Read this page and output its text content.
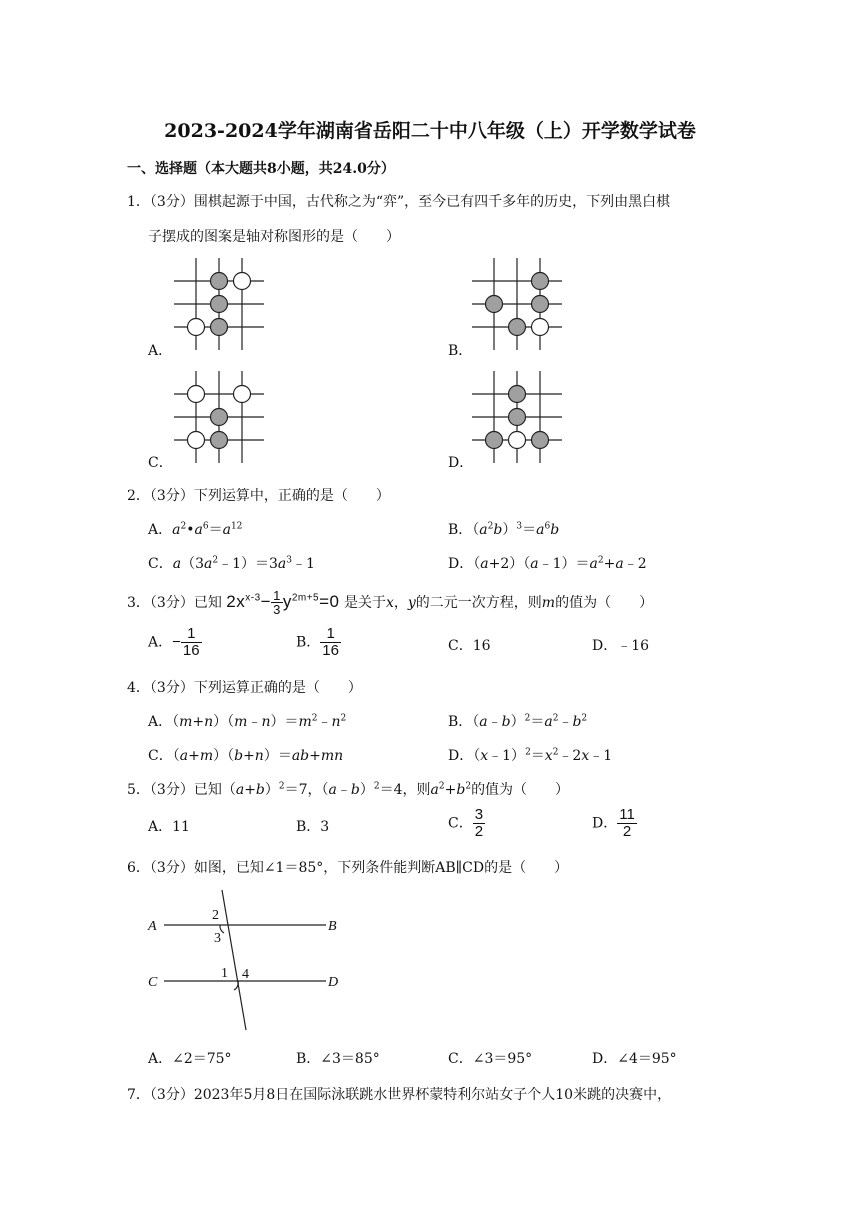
2023-2024学年湖南省岳阳二十中八年级（上）开学数学试卷
一、选择题（本大题共8小题，共24.0分）
1．（3分）围棋起源于中国，古代称之为“弈”，至今已有四千多年的历史，下列由黑白棋
子摆成的图案是轴对称图形的是（　　）
A．	B．
C．	D．
2．（3分）下列运算中，正确的是（　　）
A．$a^2•a^6=a^{12}$	B．$(a^2b)^3=a^6b$
C．$a(3a^2﹣1)=3a^3﹣1$	D．$(a+2)(a﹣1)=a^2+a﹣2$
3．（3分）已知 $2x^{x-3}- \frac{1}{3} y^{2m+5}=0$ 是关于x，y的二元一次方程，则m的值为（　　）
A．− $\frac{1}{16}$	B． $\frac{1}{16}$	C．16	D．﹣16
4．（3分）下列运算正确的是（　　）
A．$(m+n)(m﹣n)=m^2﹣n^2$	B．$(a﹣b)^2=a^2﹣b^2$
C．（a+m）（b+n）＝ab+mn	D．$(x﹣1)^2=x^2﹣2x﹣1$
5．（3分）已知$(a+b)^2=7$，（a﹣b）$^2$＝4，则$a^2+b^2$的值为（　　）
A．11	B．3	C． $\frac{3}{2}$	D． $\frac{11}{2}$
6．（3分）如图，已知∠1＝85°，下列条件能判断AB∥CD的是（　　）
A	B
C	D
2
3
1 4
A．∠2＝75°	B．∠3＝85°	C．∠3＝95°	D．∠4＝95°
7．（3分）2023年5月8日在国际泳联跳水世界杯蒙特利尔站女子个人10米跳的决赛中，
